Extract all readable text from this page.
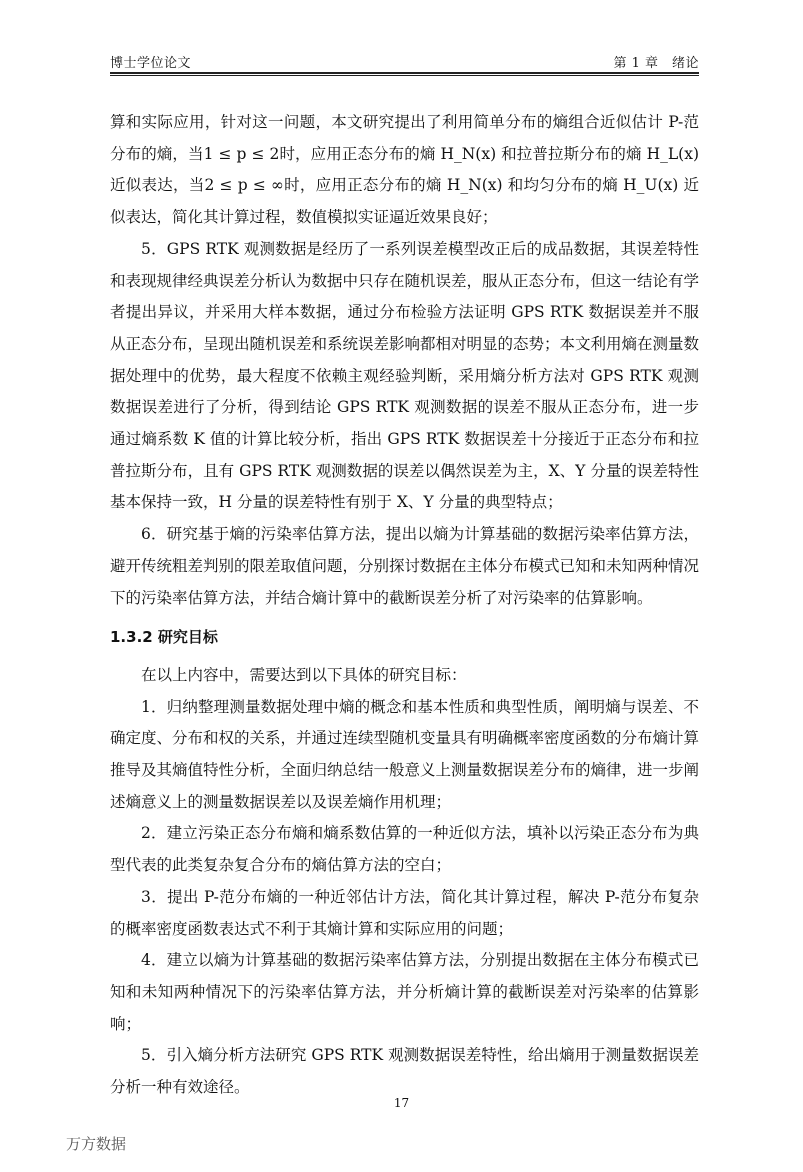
博士学位论文	第 1 章　绪论

算和实际应用，针对这一问题，本文研究提出了利用简单分布的熵组合近似估计 P-范分布的熵，当1 ≤ p ≤ 2时，应用正态分布的熵 H_N(x) 和拉普拉斯分布的熵 H_L(x) 近似表达，当2 ≤ p ≤ ∞时，应用正态分布的熵 H_N(x) 和均匀分布的熵 H_U(x) 近似表达，简化其计算过程，数值模拟实证逼近效果良好；

5．GPS RTK 观测数据是经历了一系列误差模型改正后的成品数据，其误差特性和表现规律经典误差分析认为数据中只存在随机误差，服从正态分布，但这一结论有学者提出异议，并采用大样本数据，通过分布检验方法证明 GPS RTK 数据误差并不服从正态分布，呈现出随机误差和系统误差影响都相对明显的态势；本文利用熵在测量数据处理中的优势，最大程度不依赖主观经验判断，采用熵分析方法对 GPS RTK 观测数据误差进行了分析，得到结论 GPS RTK 观测数据的误差不服从正态分布，进一步通过熵系数 K 值的计算比较分析，指出 GPS RTK 数据误差十分接近于正态分布和拉普拉斯分布，且有 GPS RTK 观测数据的误差以偶然误差为主，X、Y 分量的误差特性基本保持一致，H 分量的误差特性有别于 X、Y 分量的典型特点；

6．研究基于熵的污染率估算方法，提出以熵为计算基础的数据污染率估算方法，避开传统粗差判别的限差取值问题，分别探讨数据在主体分布模式已知和未知两种情况下的污染率估算方法，并结合熵计算中的截断误差分析了对污染率的估算影响。

1.3.2 研究目标

在以上内容中，需要达到以下具体的研究目标：

1．归纳整理测量数据处理中熵的概念和基本性质和典型性质，阐明熵与误差、不确定度、分布和权的关系，并通过连续型随机变量具有明确概率密度函数的分布熵计算推导及其熵值特性分析，全面归纳总结一般意义上测量数据误差分布的熵律，进一步阐述熵意义上的测量数据误差以及误差熵作用机理；

2．建立污染正态分布熵和熵系数估算的一种近似方法，填补以污染正态分布为典型代表的此类复杂复合分布的熵估算方法的空白；

3．提出 P-范分布熵的一种近邻估计方法，简化其计算过程，解决 P-范分布复杂的概率密度函数表达式不利于其熵计算和实际应用的问题；

4．建立以熵为计算基础的数据污染率估算方法，分别提出数据在主体分布模式已知和未知两种情况下的污染率估算方法，并分析熵计算的截断误差对污染率的估算影响；

5．引入熵分析方法研究 GPS RTK 观测数据误差特性，给出熵用于测量数据误差分析一种有效途径。

17
万方数据
